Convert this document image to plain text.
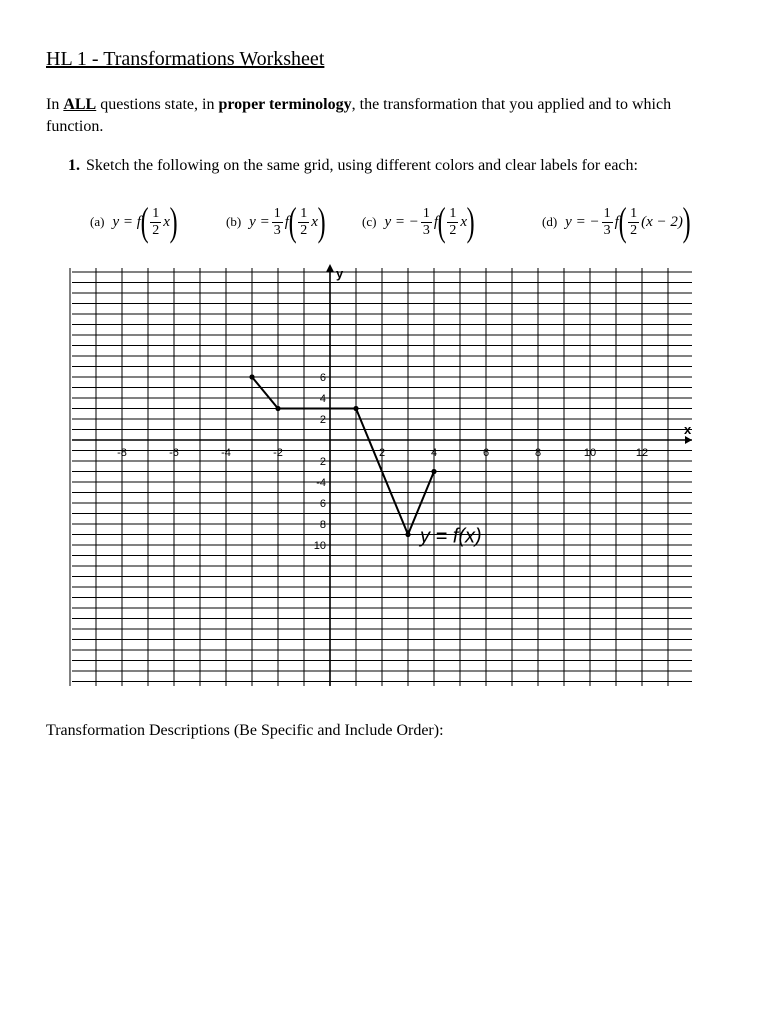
HL 1 - Transformations Worksheet

In ALL questions state, in proper terminology, the transformation that you applied and to which function.

1. Sketch the following on the same grid, using different colors and clear labels for each:

(a) y = f ( $\frac{1}{2}$ x )	(b) $y = \frac{1}{3}$ f ( $\frac{1}{2}$ x )	(c) y = − $\frac{1}{3}$ f ( $\frac{1}{2}$ x )	(d) y = − $\frac{1}{3}$ f ( $\frac{1}{2} (x - 2)$ )
x
y
-8	-6	-4	-2	2	4	6	8	10	12
6
4
2
2
-4
6
8
10	y = f(x)

Transformation Descriptions (Be Specific and Include Order):
